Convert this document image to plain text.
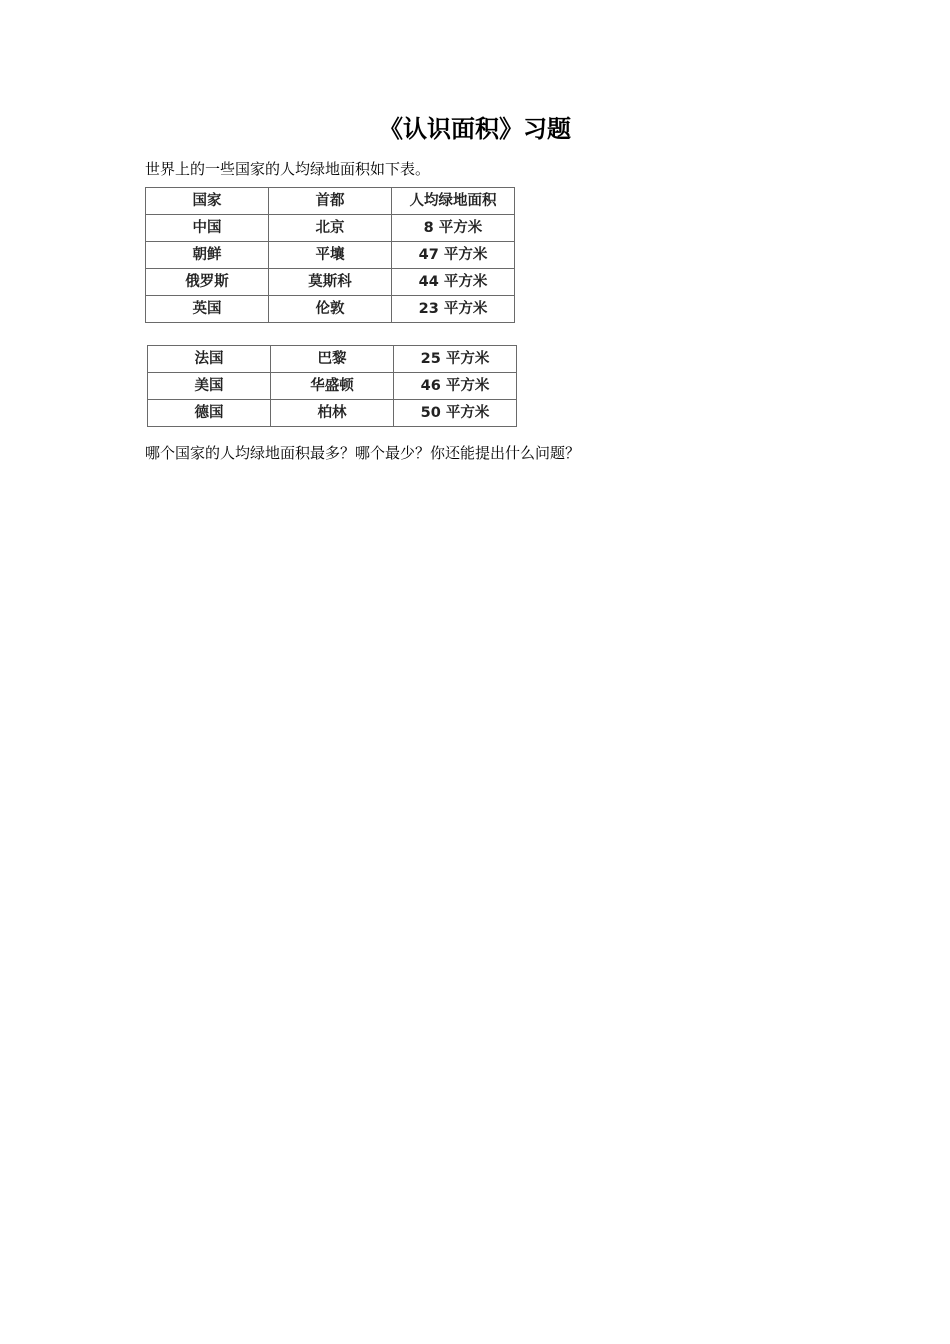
《认识面积》习题
世界上的一些国家的人均绿地面积如下表。
国家	首都	人均绿地面积
中国	北京	8 平方米
朝鲜	平壤	47 平方米
俄罗斯	莫斯科	44 平方米
英国	伦敦	23 平方米
法国	巴黎	25 平方米
美国	华盛顿	46 平方米
德国	柏林	50 平方米
哪个国家的人均绿地面积最多？哪个最少？你还能提出什么问题？
